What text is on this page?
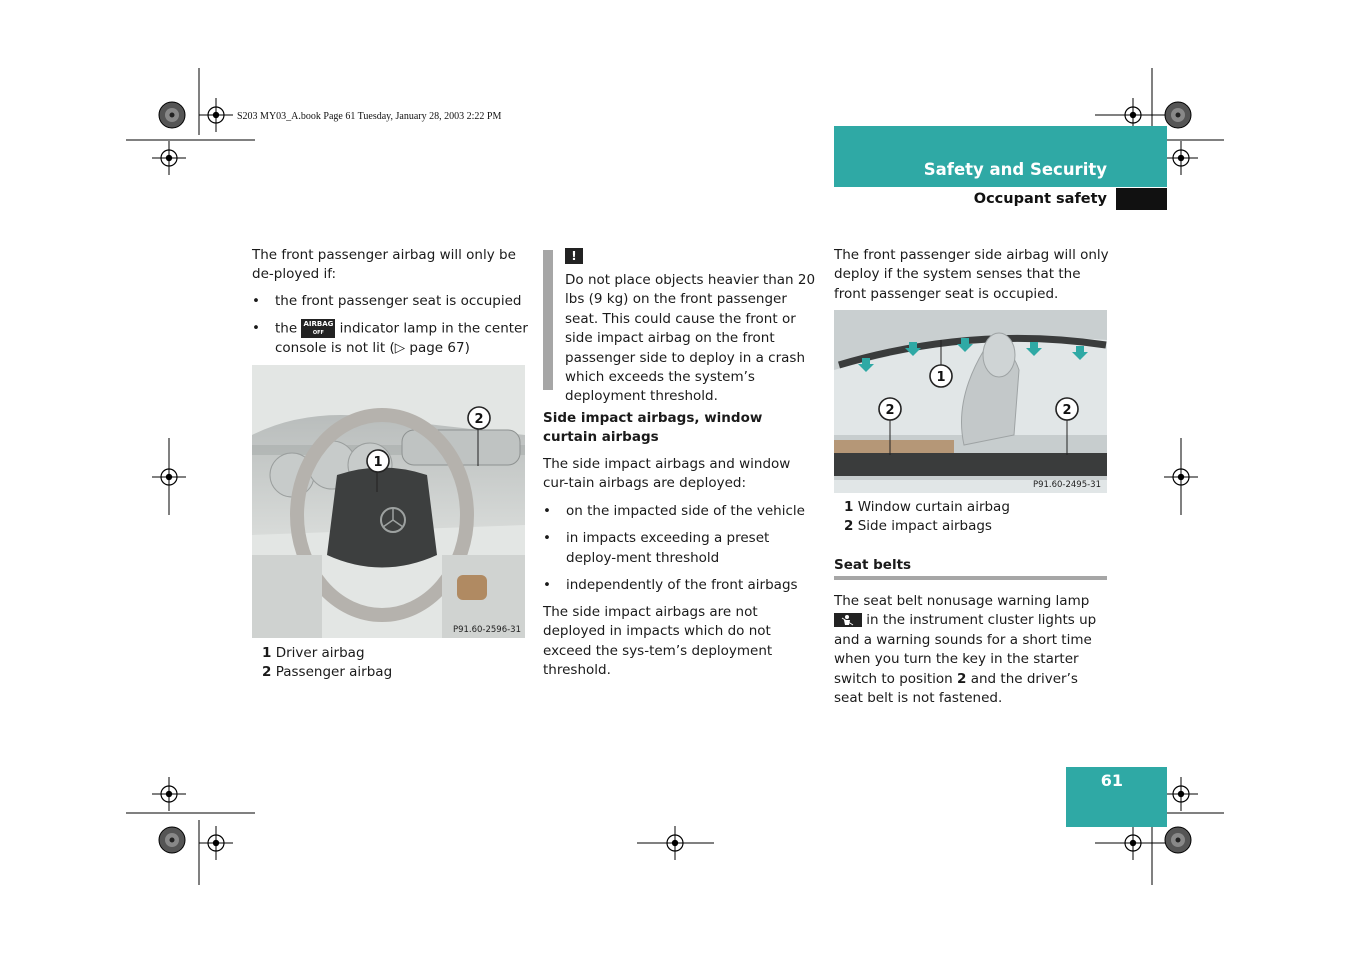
S203 MY03_A.book Page 61 Tuesday, January 28, 2003 2:22 PM
Safety and Security
Occupant safety
The front passenger airbag will only be de-ployed if:
• the front passenger seat is occupied
• the AIRBAG
OFF indicator lamp in the center console is not lit (▷ page 67)
1
2
P91.60-2596-31
1 Driver airbag
2 Passenger airbag
!
Do not place objects heavier than 20 lbs (9 kg) on the front passenger seat. This could cause the front or side impact airbag on the front passenger side to deploy in a crash which exceeds the system’s deployment threshold.
Side impact airbags, window curtain airbags
The side impact airbags and window cur-tain airbags are deployed:
• on the impacted side of the vehicle
• in impacts exceeding a preset deploy-ment threshold
• independently of the front airbags
The side impact airbags are not deployed in impacts which do not exceed the sys-tem’s deployment threshold.
The front passenger side airbag will only deploy if the system senses that the front passenger seat is occupied.
1
2	2
P91.60-2495-31
1 Window curtain airbag
2 Side impact airbags
Seat belts
The seat belt nonusage warning lamp  in the instrument cluster lights up and a warning sounds for a short time when you turn the key in the starter switch to position 2 and the driver’s seat belt is not fastened.
61
